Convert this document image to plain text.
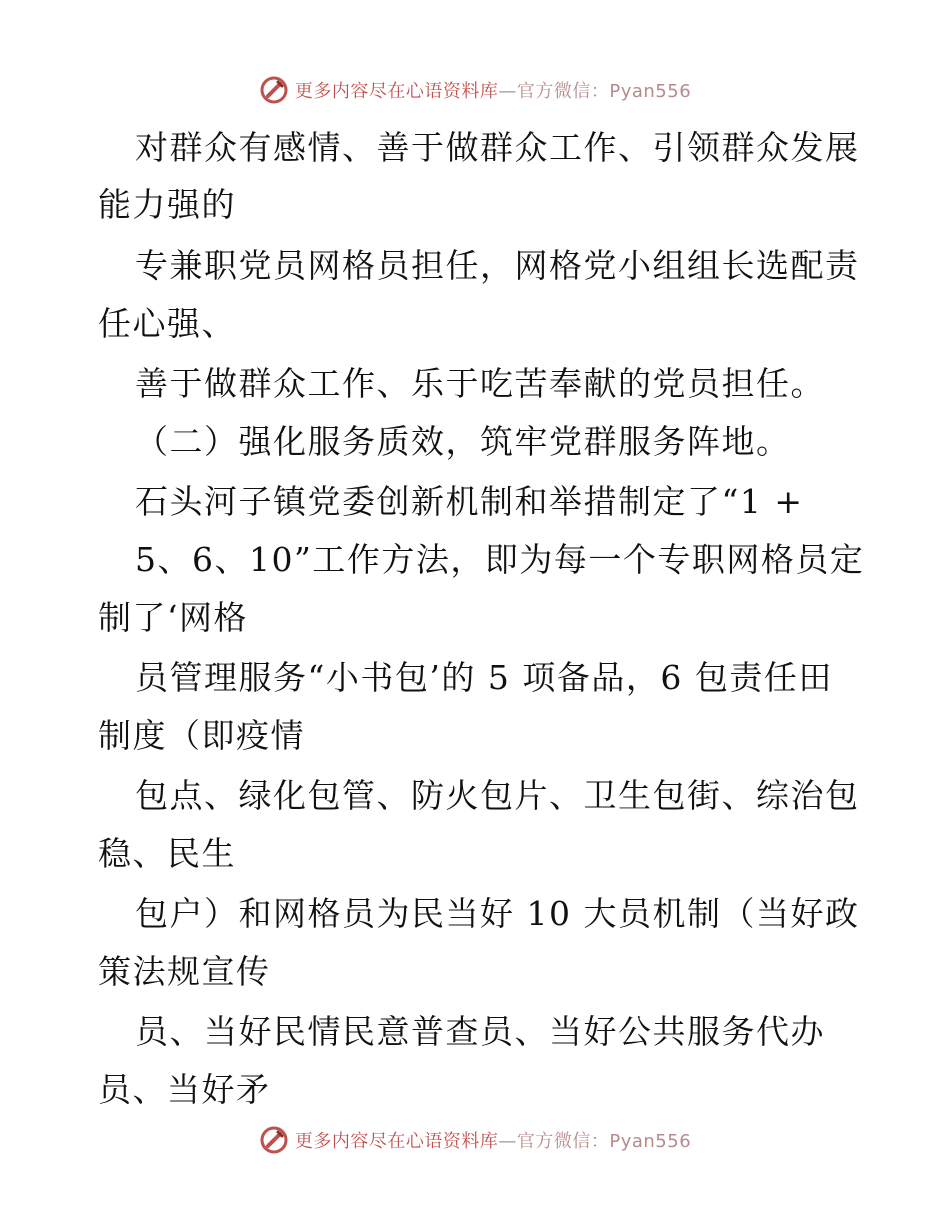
更多内容尽在心语资料库—官方微信：Pyan556
对群众有感情、善于做群众工作、引领群众发展
能力强的
专兼职党员网格员担任，网格党小组组长选配责
任心强、
善于做群众工作、乐于吃苦奉献的党员担任。
（二）强化服务质效，筑牢党群服务阵地。
石头河子镇党委创新机制和举措制定了“1 +
5、6、10”工作方法，即为每一个专职网格员定
制了‘网格
员管理服务“小书包’的 5 项备品，6 包责任田
制度（即疫情
包点、绿化包管、防火包片、卫生包街、综治包
稳、民生
包户）和网格员为民当好 10 大员机制（当好政
策法规宣传
员、当好民情民意普查员、当好公共服务代办
员、当好矛
更多内容尽在心语资料库—官方微信：Pyan556
